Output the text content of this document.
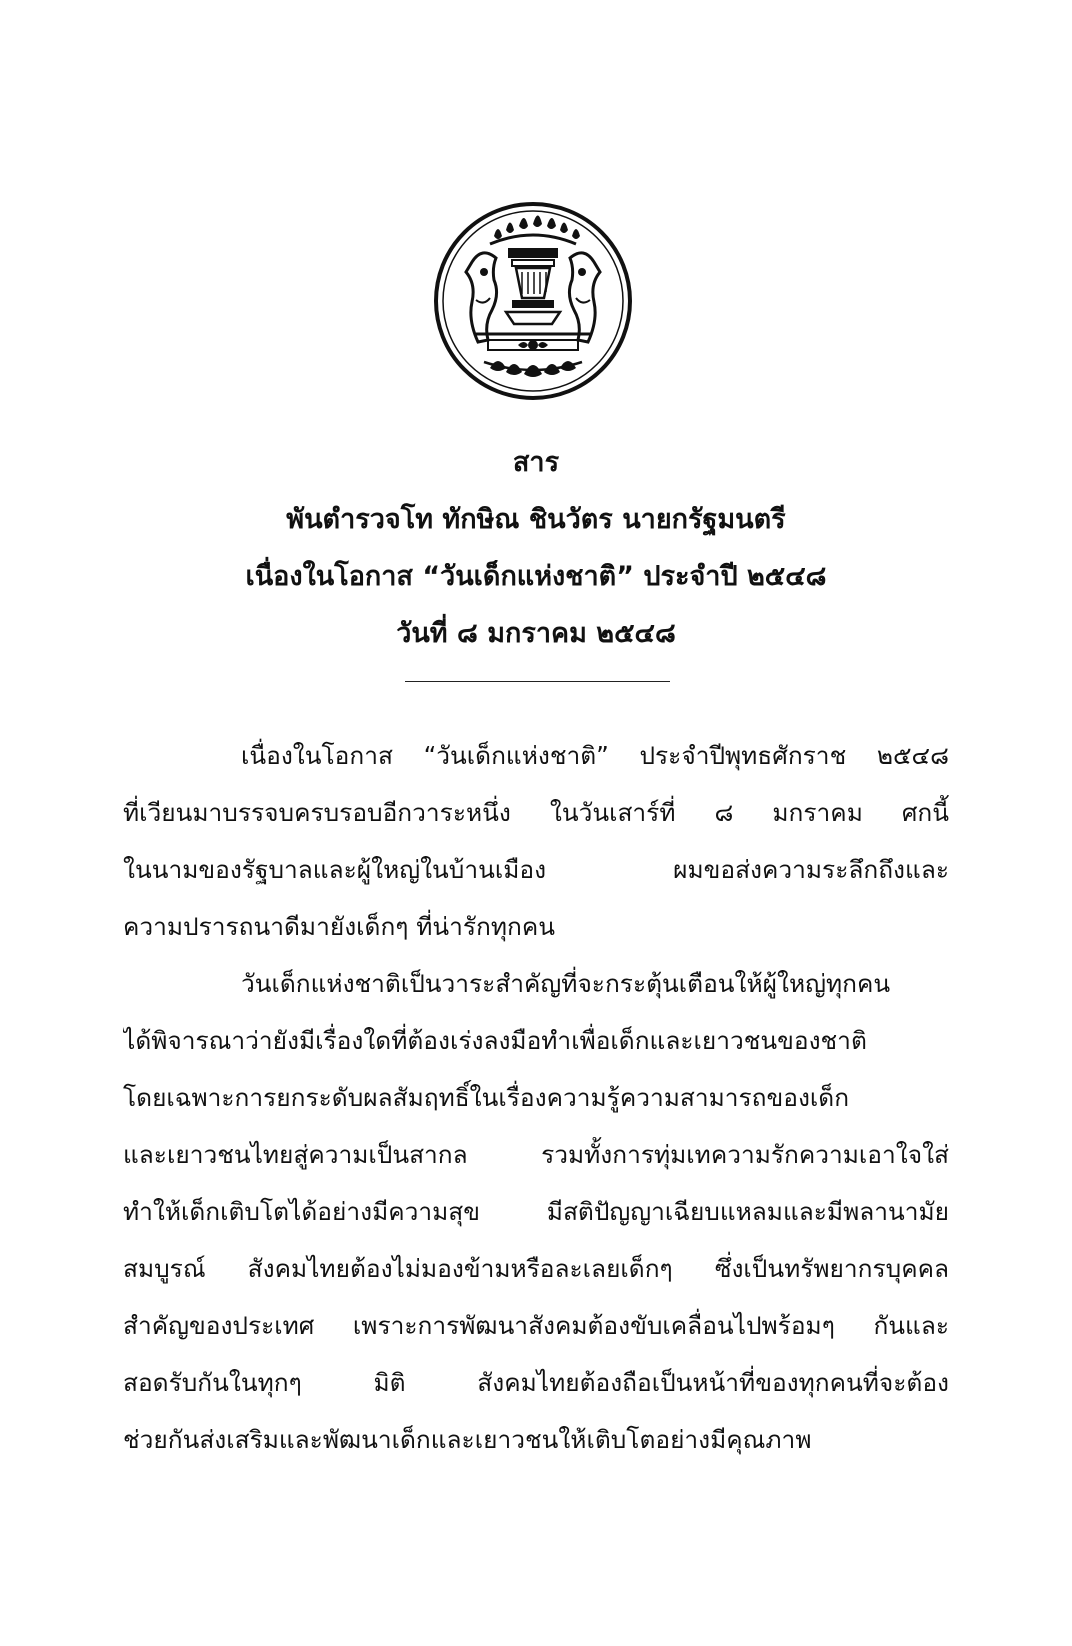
สาร
พันตำรวจโท ทักษิณ ชินวัตร นายกรัฐมนตรี
เนื่องในโอกาส “วันเด็กแห่งชาติ” ประจำปี ๒๕๔๘
วันที่ ๘ มกราคม ๒๕๔๘
เนื่องในโอกาส “วันเด็กแห่งชาติ” ประจำปีพุทธศักราช ๒๕๔๘
ที่เวียนมาบรรจบครบรอบอีกวาระหนึ่ง ในวันเสาร์ที่ ๘ มกราคม ศกนี้
ในนามของรัฐบาลและผู้ใหญ่ในบ้านเมือง ผมขอส่งความระลึกถึงและ
ความปรารถนาดีมายังเด็กๆ ที่น่ารักทุกคน
วันเด็กแห่งชาติเป็นวาระสำคัญที่จะกระตุ้นเตือนให้ผู้ใหญ่ทุกคน
ได้พิจารณาว่ายังมีเรื่องใดที่ต้องเร่งลงมือทำเพื่อเด็กและเยาวชนของชาติ
โดยเฉพาะการยกระดับผลสัมฤทธิ์ในเรื่องความรู้ความสามารถของเด็ก
และเยาวชนไทยสู่ความเป็นสากล รวมทั้งการทุ่มเทความรักความเอาใจใส่
ทำให้เด็กเติบโตได้อย่างมีความสุข มีสติปัญญาเฉียบแหลมและมีพลานามัย
สมบูรณ์ สังคมไทยต้องไม่มองข้ามหรือละเลยเด็กๆ ซึ่งเป็นทรัพยากรบุคคล
สำคัญของประเทศ เพราะการพัฒนาสังคมต้องขับเคลื่อนไปพร้อมๆ กันและ
สอดรับกันในทุกๆ มิติ สังคมไทยต้องถือเป็นหน้าที่ของทุกคนที่จะต้อง
ช่วยกันส่งเสริมและพัฒนาเด็กและเยาวชนให้เติบโตอย่างมีคุณภาพ
